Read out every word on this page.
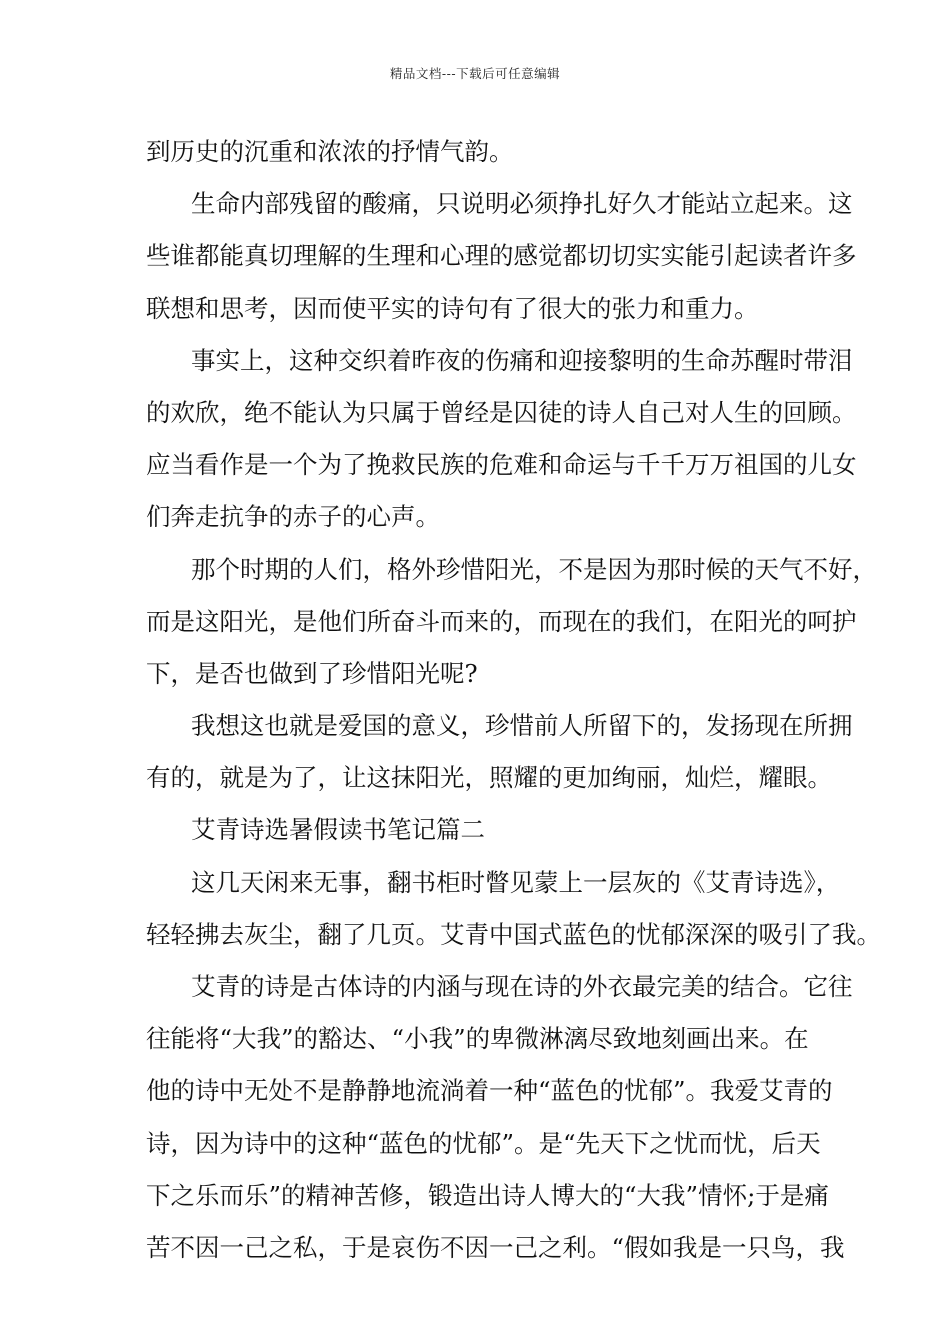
精品文档---下载后可任意编辑
到历史的沉重和浓浓的抒情气韵。
生命内部残留的酸痛，只说明必须挣扎好久才能站立起来。这
些谁都能真切理解的生理和心理的感觉都切切实实能引起读者许多
联想和思考，因而使平实的诗句有了很大的张力和重力。
事实上，这种交织着昨夜的伤痛和迎接黎明的生命苏醒时带泪
的欢欣，绝不能认为只属于曾经是囚徒的诗人自己对人生的回顾。
应当看作是一个为了挽救民族的危难和命运与千千万万祖国的儿女
们奔走抗争的赤子的心声。
那个时期的人们，格外珍惜阳光，不是因为那时候的天气不好，
而是这阳光，是他们所奋斗而来的，而现在的我们，在阳光的呵护
下，是否也做到了珍惜阳光呢?
我想这也就是爱国的意义，珍惜前人所留下的，发扬现在所拥
有的，就是为了，让这抹阳光，照耀的更加绚丽，灿烂，耀眼。
艾青诗选暑假读书笔记篇二
这几天闲来无事，翻书柜时瞥见蒙上一层灰的《艾青诗选》，
轻轻拂去灰尘，翻了几页。艾青中国式蓝色的忧郁深深的吸引了我。
艾青的诗是古体诗的内涵与现在诗的外衣最完美的结合。它往
往能将“大我”的豁达、“小我”的卑微淋漓尽致地刻画出来。在
他的诗中无处不是静静地流淌着一种“蓝色的忧郁”。我爱艾青的
诗，因为诗中的这种“蓝色的忧郁”。是“先天下之忧而忧，后天
下之乐而乐”的精神苦修，锻造出诗人博大的“大我”情怀;于是痛
苦不因一己之私，于是哀伤不因一己之利。“假如我是一只鸟，我
